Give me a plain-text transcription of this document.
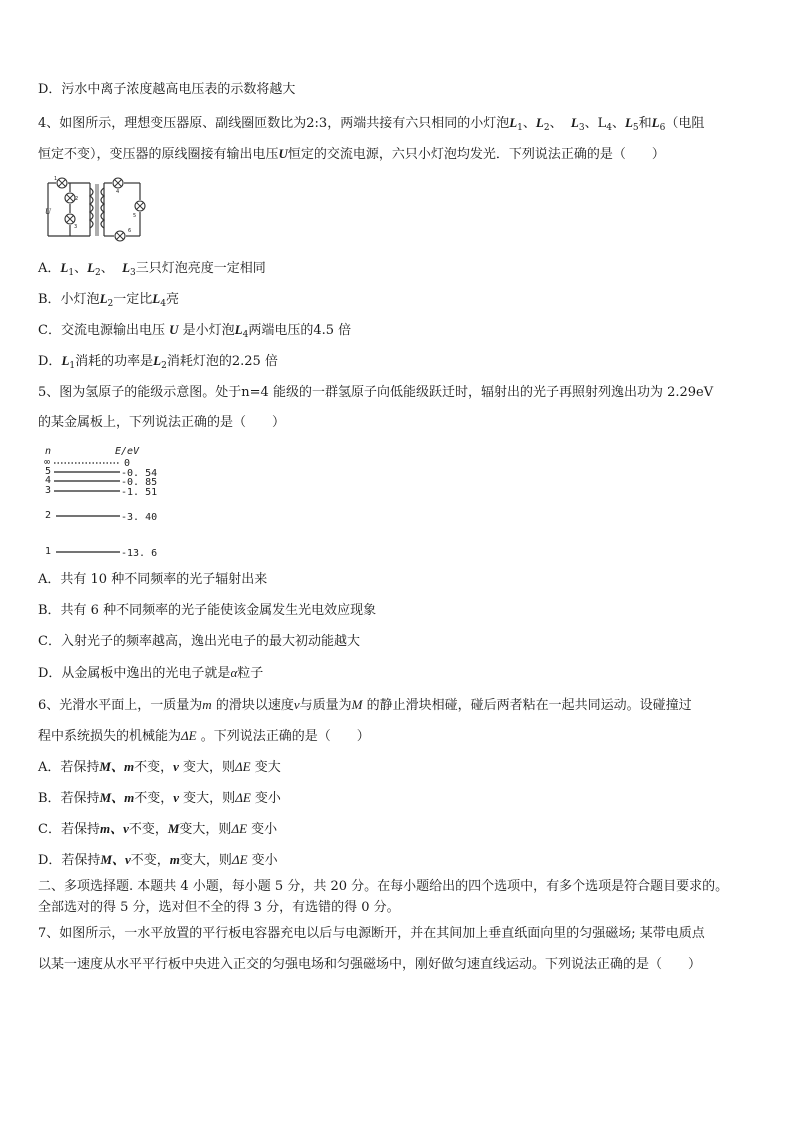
D．污水中离子浓度越高电压表的示数将越大
4、如图所示，理想变压器原、副线圈匝数比为2:3，两端共接有六只相同的小灯泡$L_1$、$L_2$、 $L_3$、$L_4$、$L_5$和$L_6$（电阻
恒定不变），变压器的原线圈接有输出电压U恒定的交流电源，六只小灯泡均发光．下列说法正确的是（　　）
U
1
2
3
4
5
6
A．$L_1$、$L_2$、 $L_3$三只灯泡亮度一定相同
B．小灯泡$L_2$一定比$L_4$亮
C．交流电源输出电压 U 是小灯泡$L_4$两端电压的4.5 倍
D．$L_1$消耗的功率是$L_2$消耗灯泡的2.25 倍
5、图为氢原子的能级示意图。处于n=4 能级的一群氢原子向低能级跃迁时，辐射出的光子再照射列逸出功为 2.29eV
的某金属板上，下列说法正确的是（　　）
n	E/eV
∞	0
5	-0. 54
4	-0. 85
3	-1. 51
2	-3. 40
1	-13. 6
A．共有 10 种不同频率的光子辐射出来
B．共有 6 种不同频率的光子能使该金属发生光电效应现象
C．入射光子的频率越高，逸出光电子的最大初动能越大
D．从金属板中逸出的光电子就是α粒子
6、光滑水平面上，一质量为m 的滑块以速度v与质量为M 的静止滑块相碰，碰后两者粘在一起共同运动。设碰撞过
程中系统损失的机械能为ΔE 。下列说法正确的是（　　）
A．若保持M、m不变，v 变大，则ΔE 变大
B．若保持M、m不变，v 变大，则ΔE 变小
C．若保持m、v不变，M变大，则ΔE 变小
D．若保持M、v不变，m变大，则ΔE 变小
二、多项选择题. 本题共 4 小题，每小题 5 分，共 20 分。在每小题给出的四个选项中，有多个选项是符合题目要求的。
全部选对的得 5 分，选对但不全的得 3 分，有选错的得 0 分。
7、如图所示，一水平放置的平行板电容器充电以后与电源断开，并在其间加上垂直纸面向里的匀强磁场; 某带电质点
以某一速度从水平平行板中央进入正交的匀强电场和匀强磁场中，刚好做匀速直线运动。下列说法正确的是（　　）
